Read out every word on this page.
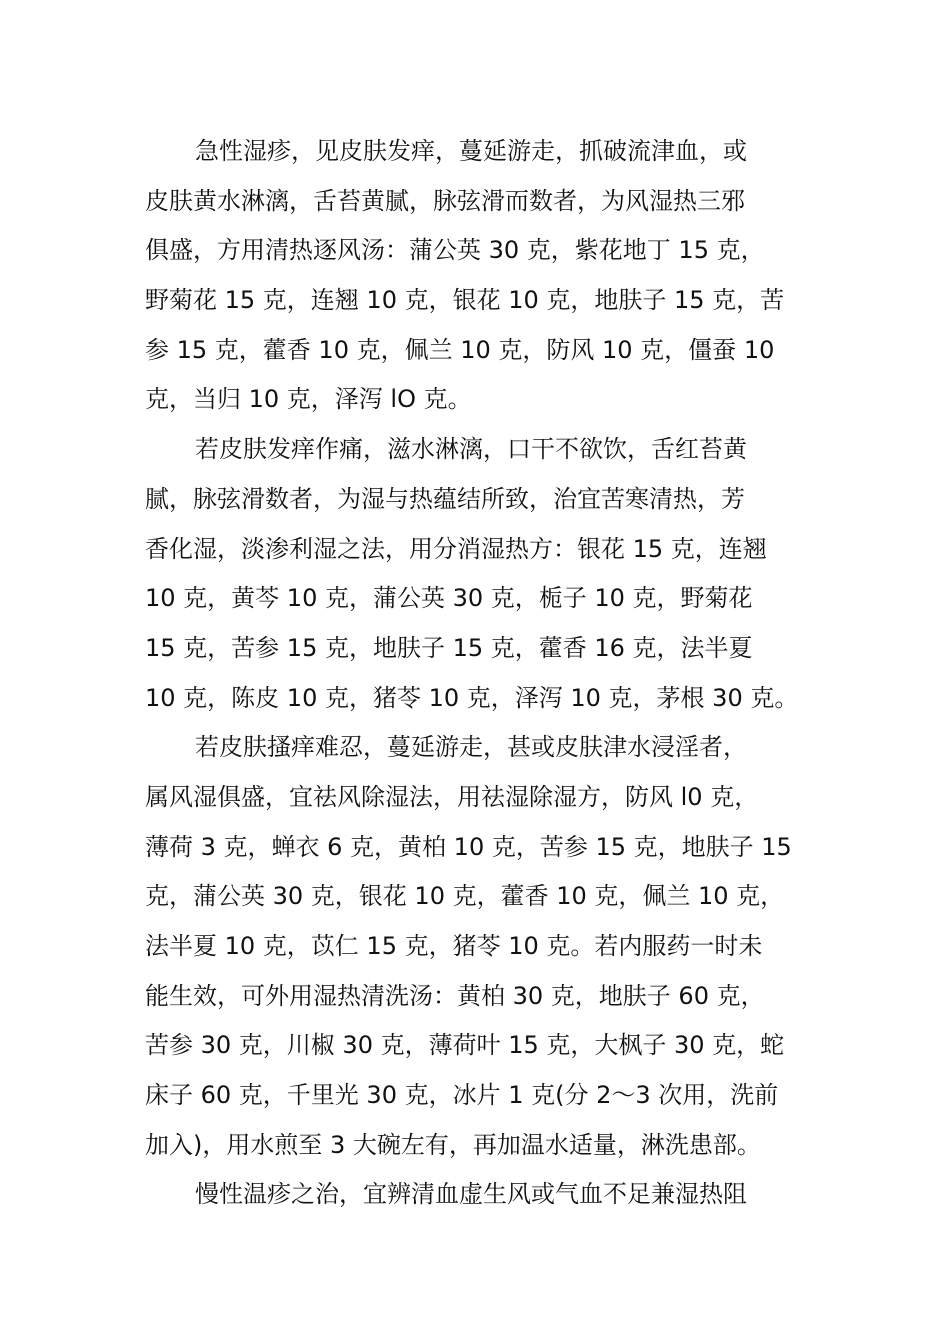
急性湿疹，见皮肤发痒，蔓延游走，抓破流津血，或
皮肤黄水淋漓，舌苔黄腻，脉弦滑而数者，为风湿热三邪
俱盛，方用清热逐风汤：蒲公英 30 克，紫花地丁 15 克，
野菊花 15 克，连翘 10 克，银花 10 克，地肤子 15 克，苦
参 15 克，藿香 10 克，佩兰 10 克，防风 10 克，僵蚕 10
克，当归 10 克，泽泻 lO 克。
若皮肤发痒作痛，滋水淋漓，口干不欲饮，舌红苔黄
腻，脉弦滑数者，为湿与热蕴结所致，治宜苦寒清热，芳
香化湿，淡渗利湿之法，用分消湿热方：银花 15 克，连翘
10 克，黄芩 10 克，蒲公英 30 克，栀子 10 克，野菊花
15 克，苦参 15 克，地肤子 15 克，藿香 16 克，法半夏
10 克，陈皮 10 克，猪苓 10 克，泽泻 10 克，茅根 30 克。
若皮肤搔痒难忍，蔓延游走，甚或皮肤津水浸淫者，
属风湿俱盛，宜祛风除湿法，用祛湿除湿方，防风 l0 克，
薄荷 3 克，蝉衣 6 克，黄柏 10 克，苦参 15 克，地肤子 15
克，蒲公英 30 克，银花 10 克，藿香 10 克，佩兰 10 克，
法半夏 10 克，苡仁 15 克，猪苓 10 克。若内服药一时未
能生效，可外用湿热清洗汤：黄柏 30 克，地肤子 60 克，
苦参 30 克，川椒 30 克，薄荷叶 15 克，大枫子 30 克，蛇
床子 60 克，千里光 30 克，冰片 1 克(分 2～3 次用，洗前
加入)，用水煎至 3 大碗左有，再加温水适量，淋洗患部。
慢性温疹之治，宜辨清血虚生风或气血不足兼湿热阻
